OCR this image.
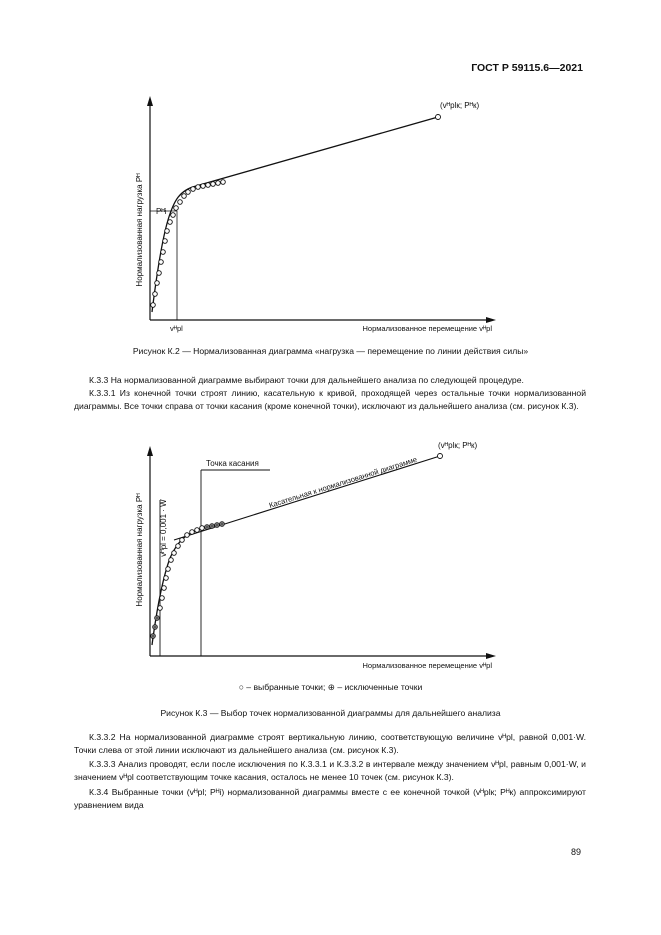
ГОСТ Р 59115.6—2021
Нормализованная нагрузка Pᴴ
Нормализованное перемещение vᴴpl
(vᴴplк; Pᴴк)
Pᴴi
vᴴpl
Рисунок К.2 — Нормализованная диаграмма «нагрузка — перемещение по линии действия силы»
К.3.3 На нормализованной диаграмме выбирают точки для дальнейшего анализа по следующей процедуре.
К.3.3.1 Из конечной точки строят линию, касательную к кривой, проходящей через остальные точки нормализованной диаграммы. Все точки справа от точки касания (кроме конечной точки), исключают из дальнейшего анализа (см. рисунок К.3).
Нормализованная нагрузка Pᴴ vᴴpl = 0,001 · W
Нормализованное перемещение vᴴpl
(vᴴplк; Pᴴк)
Точка касания Касательная к нормализованной диаграмме
○ – выбранные точки; ⊕ – исключенные точки
Рисунок К.3 — Выбор точек нормализованной диаграммы для дальнейшего анализа
К.3.3.2 На нормализованной диаграмме строят вертикальную линию, соответствующую величине vᴴpl, равной 0,001·W. Точки слева от этой линии исключают из дальнейшего анализа (см. рисунок К.3).
К.3.3.3 Анализ проводят, если после исключения по К.3.3.1 и К.3.3.2 в интервале между значением vᴴpl, равным 0,001·W, и значением vᴴpl соответствующим точке касания, осталось не менее 10 точек (см. рисунок К.3).
К.3.4 Выбранные точки (vᴴpl; Pᴴi) нормализованной диаграммы вместе с ее конечной точкой (vᴴplк; Pᴴк) аппроксимируют уравнением вида
89
